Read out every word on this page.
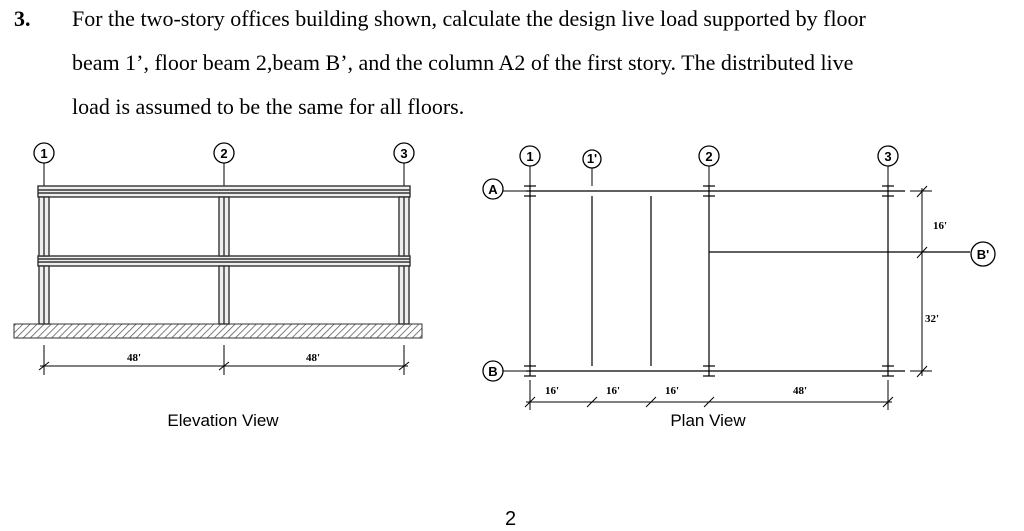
3. For the two-story offices building shown, calculate the design live load supported by floor
beam 1’, floor beam 2,beam B’, and the column A2 of the first story. The distributed live
load is assumed to be the same for all floors.
1	2	3
48'	48'
Elevation View
1	1'	2	3
A
B
B'
16'
32'
16'	16'	16'	48'
Plan View
2
